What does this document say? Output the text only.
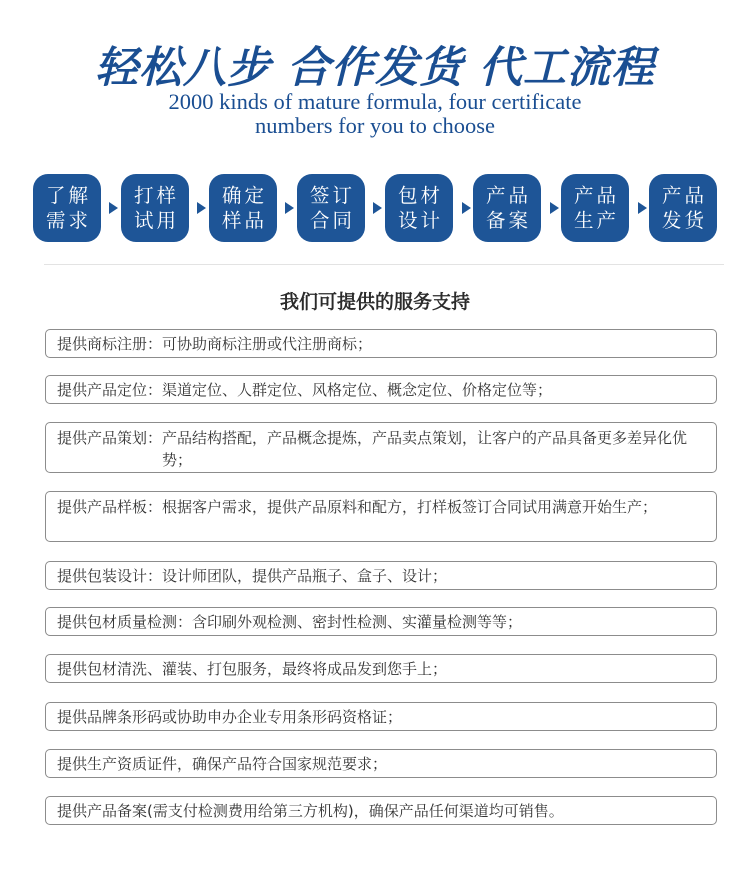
轻松八步 合作发货 代工流程
2000 kinds of mature formula, four certificate
numbers for you to choose
了解
需求
打样
试用
确定
样品
签订
合同
包材
设计
产品
备案
产品
生产
产品
发货
我们可提供的服务支持
提供商标注册： 可协助商标注册或代注册商标；
提供产品定位： 渠道定位、人群定位、风格定位、概念定位、价格定位等；
提供产品策划： 产品结构搭配，产品概念提炼，产品卖点策划，让客户的产品具备更多差异化优势；
提供产品样板： 根据客户需求，提供产品原料和配方，打样板签订合同试用满意开始生产；
提供包装设计： 设计师团队，提供产品瓶子、盒子、设计；
提供包材质量检测： 含印刷外观检测、密封性检测、实灌量检测等等；
提供包材清洗、灌装、打包服务，最终将成品发到您手上；
提供品牌条形码或协助申办企业专用条形码资格证；
提供生产资质证件，确保产品符合国家规范要求；
提供产品备案(需支付检测费用给第三方机构)，确保产品任何渠道均可销售。
